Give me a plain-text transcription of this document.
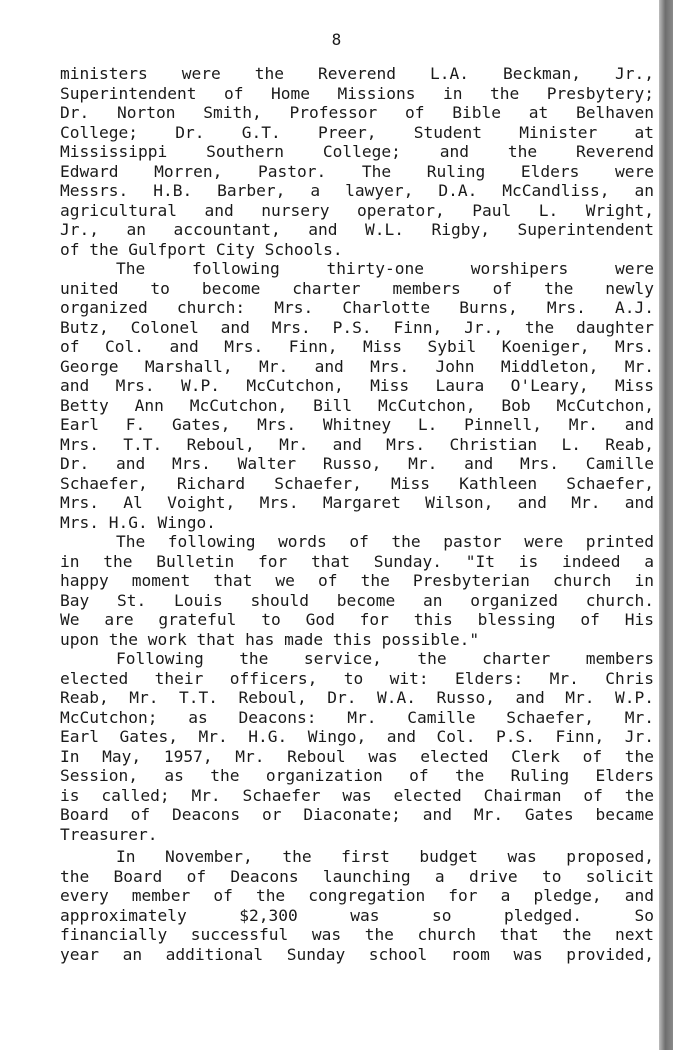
8
ministers were the Reverend L.A. Beckman, Jr.,
Superintendent of Home Missions in the Presbytery;
Dr. Norton Smith, Professor of Bible at Belhaven
College; Dr. G.T. Preer, Student Minister at
Mississippi Southern College; and the Reverend
Edward Morren, Pastor. The Ruling Elders were
Messrs. H.B. Barber, a lawyer, D.A. McCandliss, an
agricultural and nursery operator, Paul L. Wright,
Jr., an accountant, and W.L. Rigby, Superintendent
of the Gulfport City Schools.
The following thirty-one worshipers were
united to become charter members of the newly
organized church: Mrs. Charlotte Burns, Mrs. A.J.
Butz, Colonel and Mrs. P.S. Finn, Jr., the daughter
of Col. and Mrs. Finn, Miss Sybil Koeniger, Mrs.
George Marshall, Mr. and Mrs. John Middleton, Mr.
and Mrs. W.P. McCutchon, Miss Laura O'Leary, Miss
Betty Ann McCutchon, Bill McCutchon, Bob McCutchon,
Earl F. Gates, Mrs. Whitney L. Pinnell, Mr. and
Mrs. T.T. Reboul, Mr. and Mrs. Christian L. Reab,
Dr. and Mrs. Walter Russo, Mr. and Mrs. Camille
Schaefer, Richard Schaefer, Miss Kathleen Schaefer,
Mrs. Al Voight, Mrs. Margaret Wilson, and Mr. and
Mrs. H.G. Wingo.
The following words of the pastor were printed
in the Bulletin for that Sunday. "It is indeed a
happy moment that we of the Presbyterian church in
Bay St. Louis should become an organized church.
We are grateful to God for this blessing of His
upon the work that has made this possible."
Following the service, the charter members
elected their officers, to wit: Elders: Mr. Chris
Reab, Mr. T.T. Reboul, Dr. W.A. Russo, and Mr. W.P.
McCutchon; as Deacons: Mr. Camille Schaefer, Mr.
Earl Gates, Mr. H.G. Wingo, and Col. P.S. Finn, Jr.
In May, 1957, Mr. Reboul was elected Clerk of the
Session, as the organization of the Ruling Elders
is called; Mr. Schaefer was elected Chairman of the
Board of Deacons or Diaconate; and Mr. Gates became
Treasurer.
In November, the first budget was proposed,
the Board of Deacons launching a drive to solicit
every member of the congregation for a pledge, and
approximately $2,300 was so pledged. So
financially successful was the church that the next
year an additional Sunday school room was provided,
